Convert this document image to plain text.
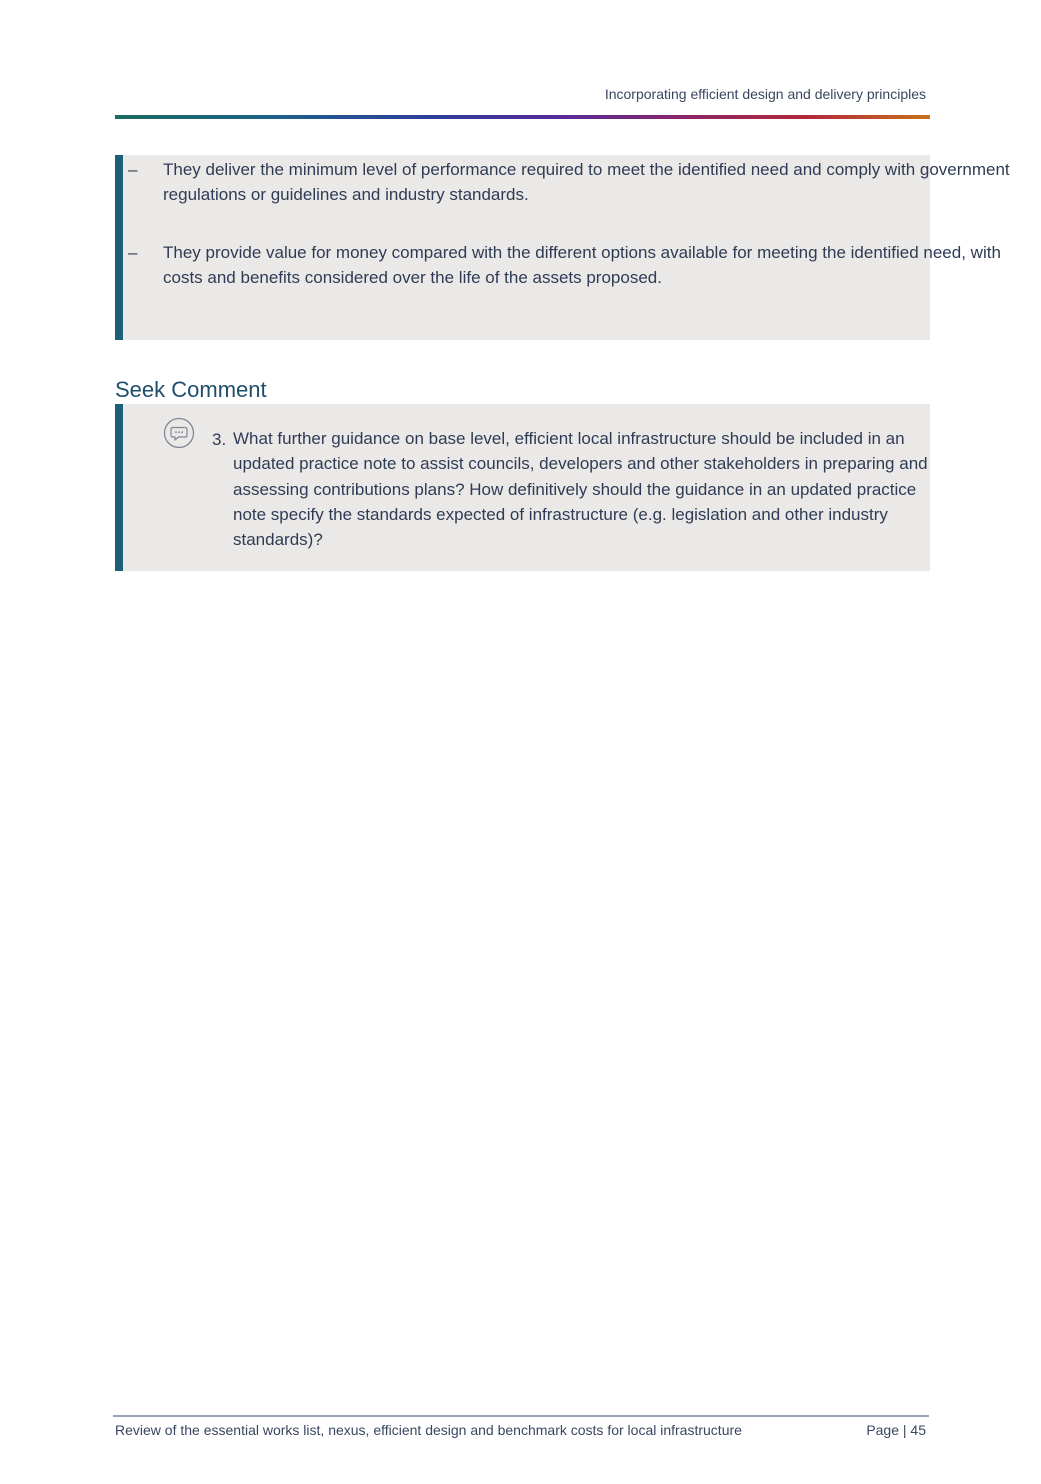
Incorporating efficient design and delivery principles
– They deliver the minimum level of performance required to meet the identified need and comply with government regulations or guidelines and industry standards.
– They provide value for money compared with the different options available for meeting the identified need, with costs and benefits considered over the life of the assets proposed.
Seek Comment
3. What further guidance on base level, efficient local infrastructure should be included in an updated practice note to assist councils, developers and other stakeholders in preparing and assessing contributions plans? How definitively should the guidance in an updated practice note specify the standards expected of infrastructure (e.g. legislation and other industry standards)?
Review of the essential works list, nexus, efficient design and benchmark costs for local infrastructure	Page | 45
